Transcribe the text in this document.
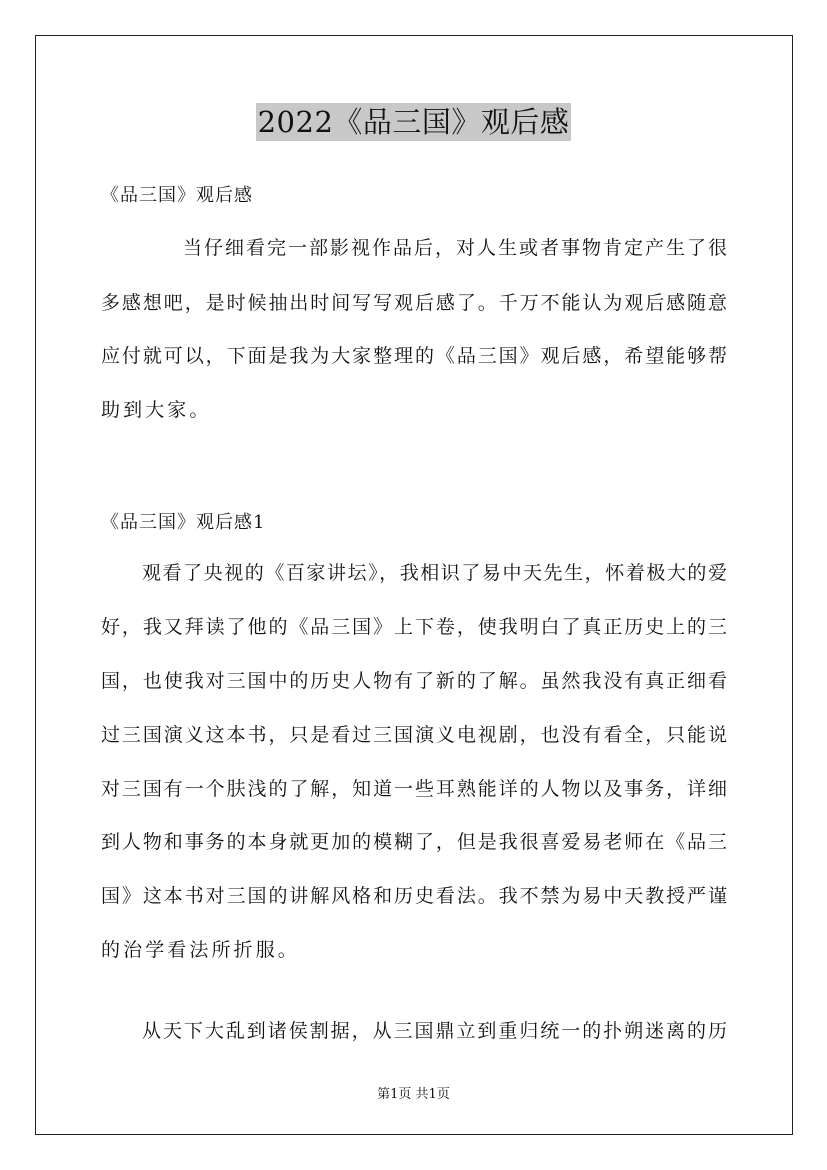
2022《品三国》观后感
《品三国》观后感
当仔细看完一部影视作品后，对人生或者事物肯定产生了很
多感想吧，是时候抽出时间写写观后感了。千万不能认为观后感随意
应付就可以，下面是我为大家整理的《品三国》观后感，希望能够帮
助到大家。
《品三国》观后感1
观看了央视的《百家讲坛》，我相识了易中天先生，怀着极大的爱
好，我又拜读了他的《品三国》上下卷，使我明白了真正历史上的三
国，也使我对三国中的历史人物有了新的了解。虽然我没有真正细看
过三国演义这本书，只是看过三国演义电视剧，也没有看全，只能说
对三国有一个肤浅的了解，知道一些耳熟能详的人物以及事务，详细
到人物和事务的本身就更加的模糊了，但是我很喜爱易老师在《品三
国》这本书对三国的讲解风格和历史看法。我不禁为易中天教授严谨
的治学看法所折服。
从天下大乱到诸侯割据，从三国鼎立到重归统一的扑朔迷离的历
第1页 共1页
